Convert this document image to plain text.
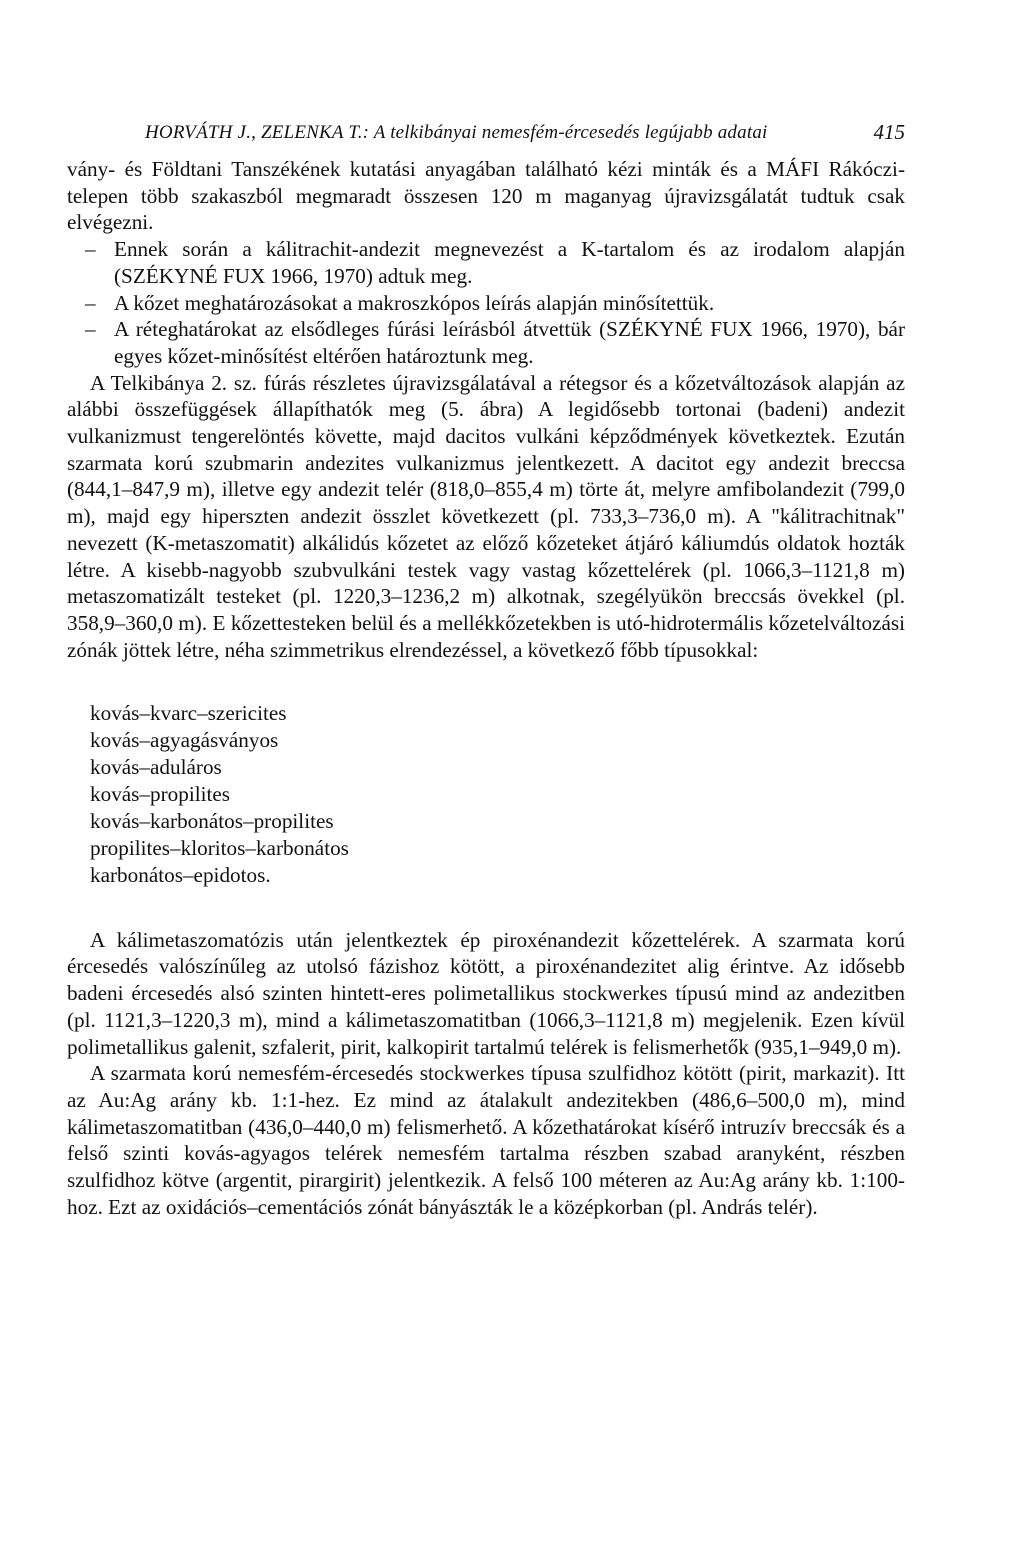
HORVÁTH J., ZELENKA T.: A telkibányai nemesfém-ércesedés legújabb adatai	415

vány- és Földtani Tanszékének kutatási anyagában található kézi minták és a MÁFI Rákóczi-telepen több szakaszból megmaradt összesen 120 m maganyag újravizsgálatát tudtuk csak elvégezni.

– Ennek során a kálitrachit-andezit megnevezést a K-tartalom és az irodalom alapján (SZÉKYNÉ FUX 1966, 1970) adtuk meg.

– A kőzet meghatározásokat a makroszkópos leírás alapján minősítettük.

– A réteghatárokat az elsődleges fúrási leírásból átvettük (SZÉKYNÉ FUX 1966, 1970), bár egyes kőzet-minősítést eltérően határoztunk meg.

A Telkibánya 2. sz. fúrás részletes újravizsgálatával a rétegsor és a kőzetváltozások alapján az alábbi összefüggések állapíthatók meg (5. ábra) A legidősebb tortonai (badeni) andezit vulkanizmust tengerelöntés követte, majd dacitos vulkáni képződmények következtek. Ezután szarmata korú szubmarin andezites vulkanizmus jelentkezett. A dacitot egy andezit breccsa (844,1–847,9 m), illetve egy andezit telér (818,0–855,4 m) törte át, melyre amfibolandezit (799,0 m), majd egy hiperszten andezit összlet következett (pl. 733,3–736,0 m). A "kálitrachitnak" nevezett (K-metaszomatit) alkálidús kőzetet az előző kőzeteket átjáró káliumdús oldatok hozták létre. A kisebb-nagyobb szubvulkáni testek vagy vastag kőzettelérek (pl. 1066,3–1121,8 m) metaszomatizált testeket (pl. 1220,3–1236,2 m) alkotnak, szegélyükön breccsás övekkel (pl. 358,9–360,0 m). E kőzettesteken belül és a mellékkőzetekben is utó-hidrotermális kőzetelváltozási zónák jöttek létre, néha szimmetrikus elrendezéssel, a következő főbb típusokkal:

kovás–kvarc–szericites
kovás–agyagásványos
kovás–aduláros
kovás–propilites
kovás–karbonátos–propilites
propilites–kloritos–karbonátos
karbonátos–epidotos.

A kálimetaszomatózis után jelentkeztek ép piroxénandezit kőzettelérek. A szarmata korú ércesedés valószínűleg az utolsó fázishoz kötött, a piroxénandezitet alig érintve. Az idősebb badeni ércesedés alsó szinten hintett-eres polimetallikus stockwerkes típusú mind az andezitben (pl. 1121,3–1220,3 m), mind a kálimetaszomatitban (1066,3–1121,8 m) megjelenik. Ezen kívül polimetallikus galenit, szfalerit, pirit, kalkopirit tartalmú telérek is felismerhetők (935,1–949,0 m).

A szarmata korú nemesfém-ércesedés stockwerkes típusa szulfidhoz kötött (pirit, markazit). Itt az Au:Ag arány kb. 1:1-hez. Ez mind az átalakult andezitekben (486,6–500,0 m), mind kálimetaszomatitban (436,0–440,0 m) felismerhető. A kőzethatárokat kísérő intruzív breccsák és a felső szinti kovás-agyagos telérek nemesfém tartalma részben szabad aranyként, részben szulfidhoz kötve (argentit, pirargirit) jelentkezik. A felső 100 méteren az Au:Ag arány kb. 1:100-hoz. Ezt az oxidációs–cementációs zónát bányászták le a középkorban (pl. András telér).
